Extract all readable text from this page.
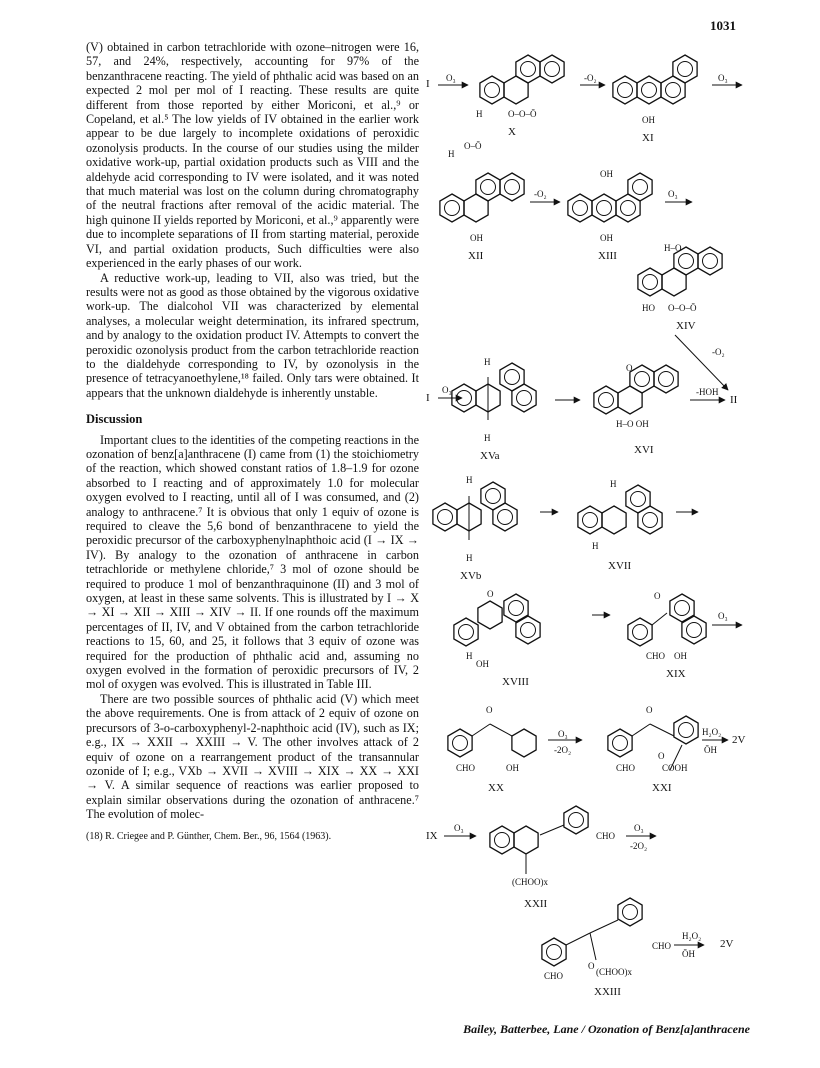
1031

(V) obtained in carbon tetrachloride with ozone–nitrogen were 16, 57, and 24%, respectively, accounting for 97% of the benzanthracene reacting. The yield of phthalic acid was based on an expected 2 mol per mol of I reacting. These results are quite different from those reported by either Moriconi, et al.,⁹ or Copeland, et al.⁵ The low yields of IV obtained in the earlier work appear to be due largely to incomplete oxidations of peroxidic ozonolysis products. In the course of our studies using the milder oxidative work-up, partial oxidation products such as VIII and the aldehyde acid corresponding to IV were isolated, and it was noted that much material was lost on the column during chromatography of the neutral fractions after removal of the acidic material. The high quinone II yields reported by Moriconi, et al.,⁹ apparently were due to incomplete separations of II from starting material, peroxide VI, and partial oxidation products, Such difficulties were also experienced in the early phases of our work.

A reductive work-up, leading to VII, also was tried, but the results were not as good as those obtained by the vigorous oxidative work-up. The dialcohol VII was characterized by elemental analyses, a molecular weight determination, its infrared spectrum, and by analogy to the oxidation product IV. Attempts to convert the peroxidic ozonolysis product from the carbon tetrachloride reaction to the dialdehyde corresponding to IV, by ozonolysis in the presence of tetracyanoethylene,¹⁸ failed. Only tars were obtained. It appears that the unknown dialdehyde is inherently unstable.

Discussion

Important clues to the identities of the competing reactions in the ozonation of benz[a]anthracene (I) came from (1) the stoichiometry of the reaction, which showed constant ratios of 1.8–1.9 for ozone absorbed to I reacting and of approximately 1.0 for molecular oxygen evolved to I reacting, until all of I was consumed, and (2) analogy to anthracene.⁷ It is obvious that only 1 equiv of ozone is required to cleave the 5,6 bond of benzanthracene to yield the peroxidic precursor of the carboxyphenylnaphthoic acid (I → IX → IV). By analogy to the ozonation of anthracene in carbon tetrachloride or methylene chloride,⁷ 3 mol of ozone should be required to produce 1 mol of benzanthraquinone (II) and 3 mol of oxygen, at least in these same solvents. This is illustrated by I → X → XI → XII → XIII → XIV → II. If one rounds off the maximum percentages of II, IV, and V obtained from the carbon tetrachloride reactions to 15, 60, and 25, it follows that 3 equiv of ozone was required for the production of phthalic acid and, assuming no oxygen evolved in the formation of peroxidic precursors of IV, 2 mol of oxygen was evolved. This is illustrated in Table III.

There are two possible sources of phthalic acid (V) which meet the above requirements. One is from attack of 2 equiv of ozone on precursors of 3-o-carboxyphenyl-2-naphthoic acid (IV), such as IX; e.g., IX → XXII → XXIII → V. The other involves attack of 2 equiv of ozone on a rearrangement product of the transannular ozonide of I; e.g., VXb → XVII → XVIII → XIX → XX → XXI → V. A similar sequence of reactions was earlier proposed to explain similar observations during the ozonation of anthracene.⁷ The evolution of molec-

(18) R. Criegee and P. Günther, Chem. Ber., 96, 1564 (1963).

I O₃	-O₂	O₃
H	O–O–Ō
X
OH
XI
H
O–Ō
-O₂	O₃
OH
XII
OH
OH
XIII
H–O
HO O–O–Ō
XIV
-O₂
I
O₃
H
H
XVa
O
H–O OH
XVI
-HOH
II
H
H
XVb
H
H
XVII
O
H
OH
XVIII
O
CHO OH
XIX
O₃
O
CHO	OH
XX
O₃
-2O₂
O
O
CHO	COOH
XXI
H₂O₂
ŌH
2V
IX
O₃
CHO
O₃
-2O₂
(CHOO)x
XXII
CHO
CHO
O
(CHOO)x
XXIII
H₂O₂
ŌH
2V
Bailey, Batterbee, Lane / Ozonation of Benz[a]anthracene
